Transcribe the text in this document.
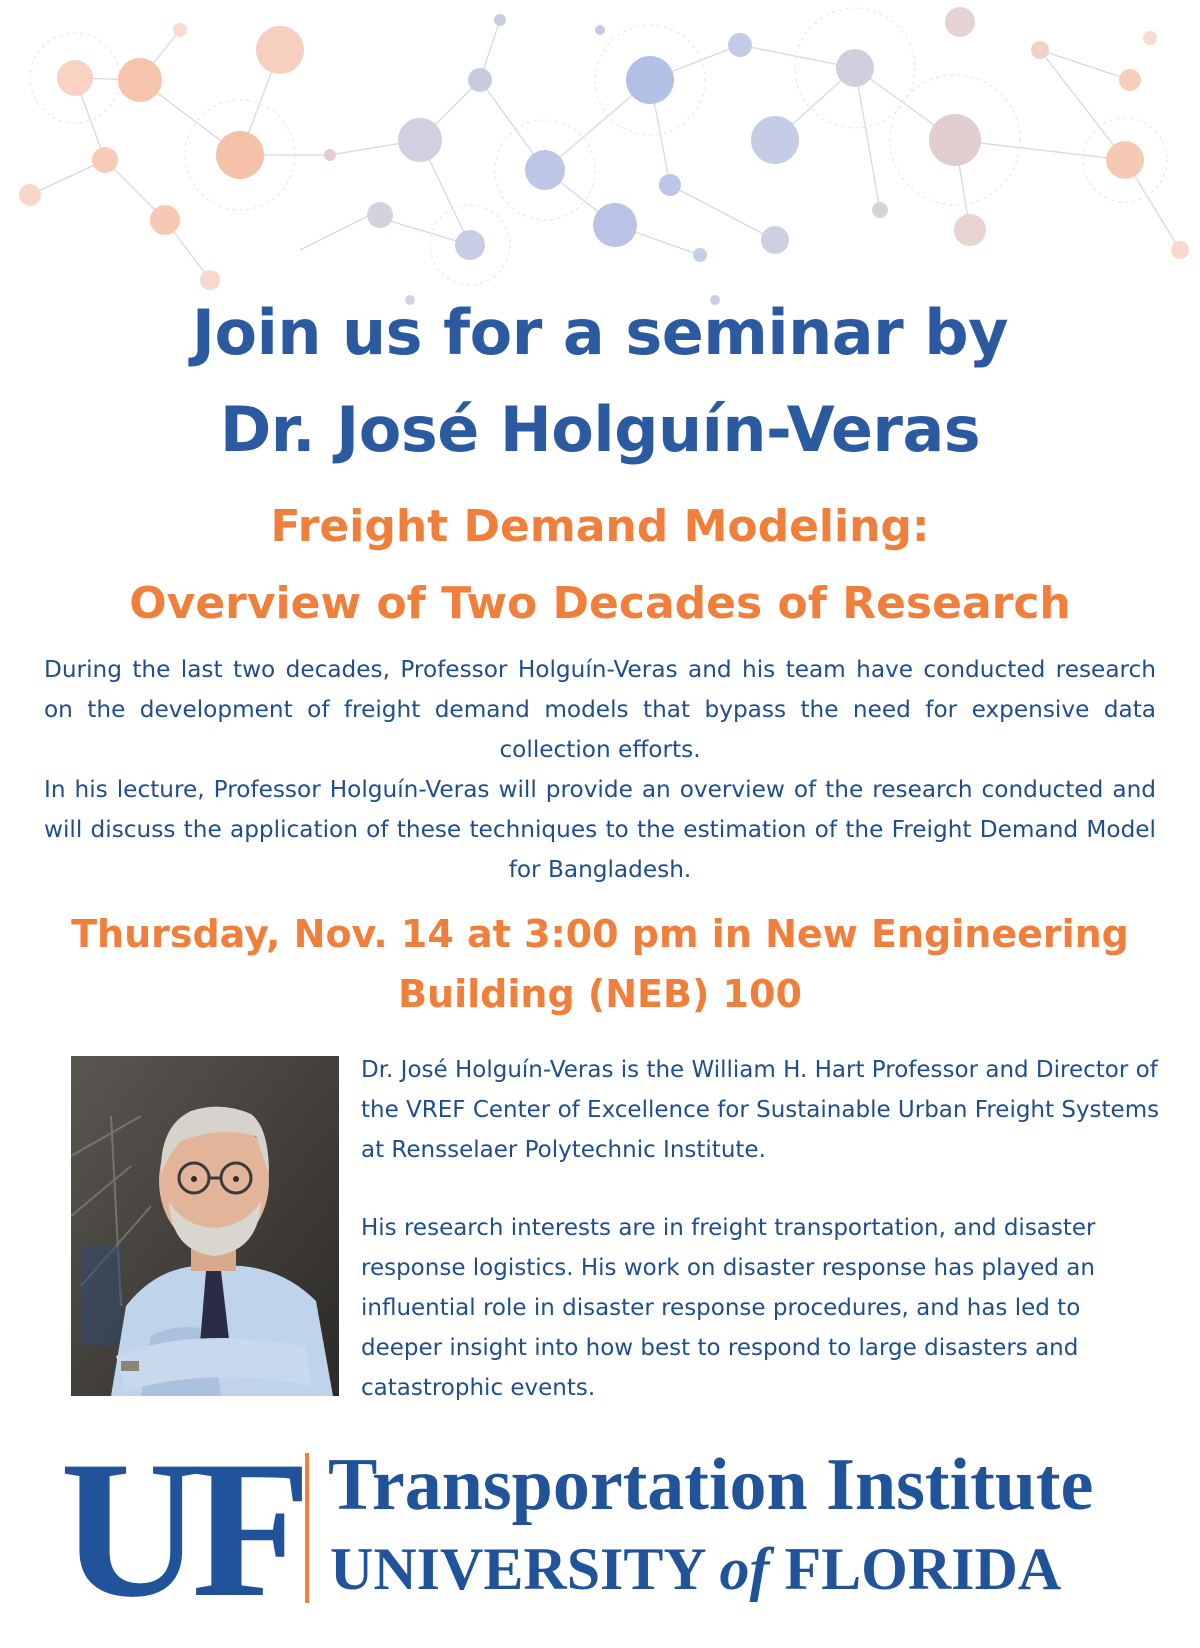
Join us for a seminar by
Dr. José Holguín-Veras
Freight Demand Modeling:
Overview of Two Decades of Research

During the last two decades, Professor Holguín-Veras and his team have conducted research on the development of freight demand models that bypass the need for expensive data collection efforts.

In his lecture, Professor Holguín-Veras will provide an overview of the research conducted and will discuss the application of these techniques to the estimation of the Freight Demand Model for Bangladesh.

Thursday, Nov. 14 at 3:00 pm in New Engineering
Building (NEB) 100

Dr. José Holguín-Veras is the William H. Hart Professor and Director of the VREF Center of Excellence for Sustainable Urban Freight Systems at Rensselaer Polytechnic Institute.

His research interests are in freight transportation, and disaster response logistics. His work on disaster response has played an influential role in disaster response procedures, and has led to deeper insight into how best to respond to large disasters and catastrophic events.

UF Transportation Institute
UNIVERSITY of FLORIDA
